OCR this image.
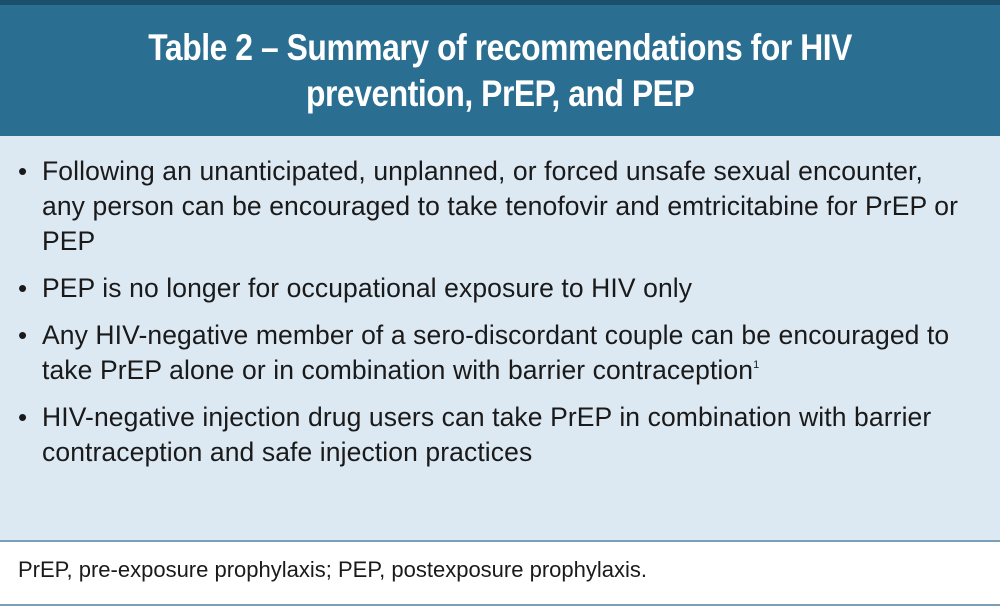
Table 2 – Summary of recommendations for HIV
prevention, PrEP, and PEP
• Following an unanticipated, unplanned, or forced unsafe sexual encounter, any person can be encouraged to take tenofovir and emtricitabine for PrEP or PEP
• PEP is no longer for occupational exposure to HIV only
• Any HIV-negative member of a sero-discordant couple can be encouraged to take PrEP alone or in combination with barrier contraception$^1$
• HIV-negative injection drug users can take PrEP in combination with barrier contraception and safe injection practices
PrEP, pre-exposure prophylaxis; PEP, postexposure prophylaxis.
